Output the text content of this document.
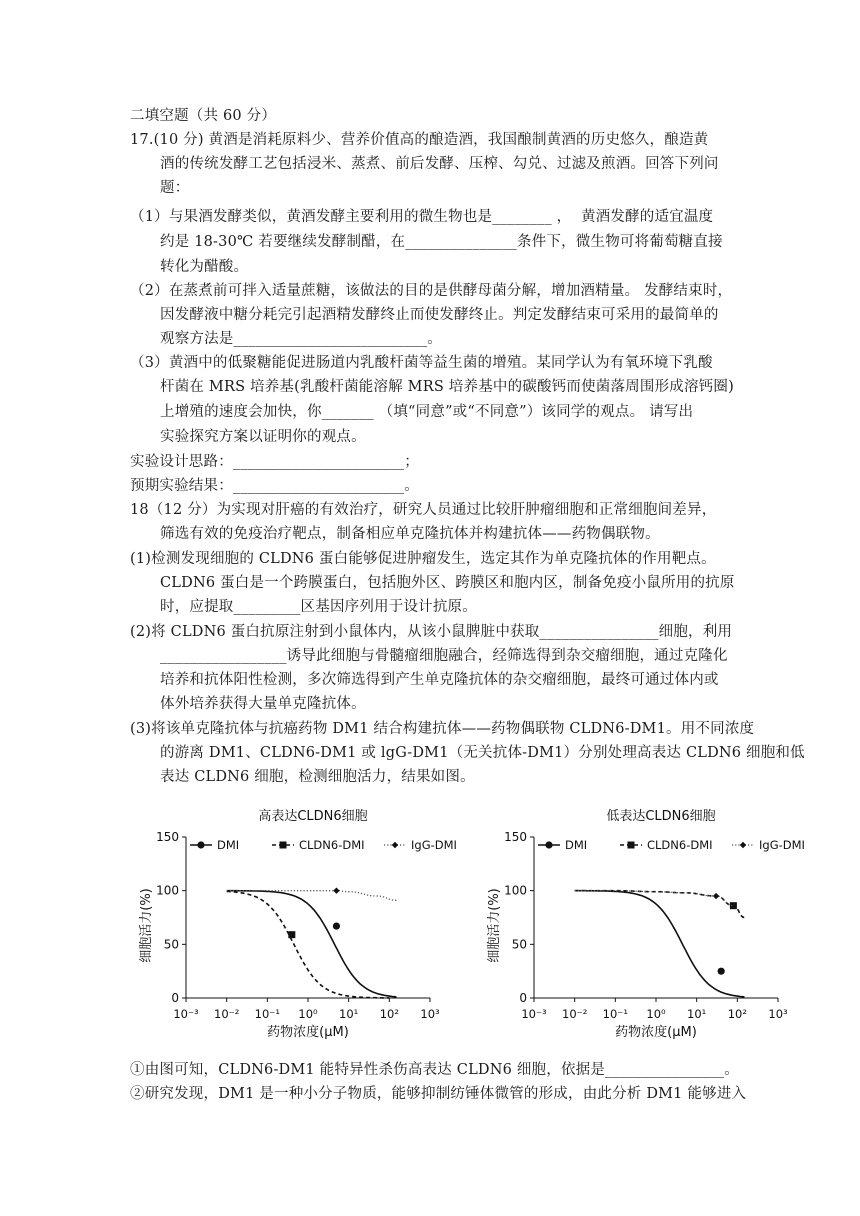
二填空题（共 60 分）
17.(10 分) 黄酒是消耗原料少、营养价值高的酿造酒，我国酿制黄酒的历史悠久，酿造黄
酒的传统发酵工艺包括浸米、蒸煮、前后发酵、压榨、勾兑、过滤及煎酒。回答下列问
题：
（1）与果酒发酵类似，黄酒发酵主要利用的微生物也是________ ，  黄酒发酵的适宜温度
约是 18-30℃ 若要继续发酵制醋，在_______________条件下，微生物可将葡萄糖直接
转化为醋酸。
（2）在蒸煮前可拌入适量蔗糖，该做法的目的是供酵母菌分解，增加酒精量。 发酵结束时，
因发酵液中糖分耗完引起酒精发酵终止而使发酵终止。判定发酵结束可采用的最简单的
观察方法是__________________________。
（3）黄酒中的低聚糖能促进肠道内乳酸杆菌等益生菌的增殖。某同学认为有氧环境下乳酸
杆菌在 MRS 培养基(乳酸杆菌能溶解 MRS 培养基中的碳酸钙而使菌落周围形成溶钙圈)
上增殖的速度会加快，你_______ （填“同意”或“不同意”）该同学的观点。 请写出
实验探究方案以证明你的观点。
实验设计思路：_______________________；
预期实验结果：_______________________。
18（12 分）为实现对肝癌的有效治疗，研究人员通过比较肝肿瘤细胞和正常细胞间差异，
筛选有效的免疫治疗靶点，制备相应单克隆抗体并构建抗体——药物偶联物。
(1)检测发现细胞的 CLDN6 蛋白能够促进肿瘤发生，选定其作为单克隆抗体的作用靶点。
CLDN6 蛋白是一个跨膜蛋白，包括胞外区、跨膜区和胞内区，制备免疫小鼠所用的抗原
时，应提取_________区基因序列用于设计抗原。
(2)将 CLDN6 蛋白抗原注射到小鼠体内，从该小鼠脾脏中获取________________细胞，利用
_________________诱导此细胞与骨髓瘤细胞融合，经筛选得到杂交瘤细胞，通过克隆化
培养和抗体阳性检测，多次筛选得到产生单克隆抗体的杂交瘤细胞，最终可通过体内或
体外培养获得大量单克隆抗体。
(3)将该单克隆抗体与抗癌药物 DM1 结合构建抗体——药物偶联物 CLDN6-DM1。用不同浓度
的游离 DM1、CLDN6-DM1 或 lgG-DM1（无关抗体-DM1）分别处理高表达 CLDN6 细胞和低
表达 CLDN6 细胞，检测细胞活力，结果如图。
高表达CLDN6细胞
DMI	CLDN6-DMI	IgG-DMI
0
50
100
150
10⁻³ 10⁻² 10⁻¹ 10⁰ 10¹ 10² 10³
药物浓度(μM)
细胞活力(%)
低表达CLDN6细胞
DMI	CLDN6-DMI	IgG-DMI
0
50
100
150
10⁻³ 10⁻² 10⁻¹ 10⁰ 10¹ 10² 10³
药物浓度(μM)
细胞活力(%)
①由图可知，CLDN6-DM1 能特异性杀伤高表达 CLDN6 细胞，依据是________________。
②研究发现，DM1 是一种小分子物质，能够抑制纺锤体微管的形成，由此分析 DM1 能够进入
